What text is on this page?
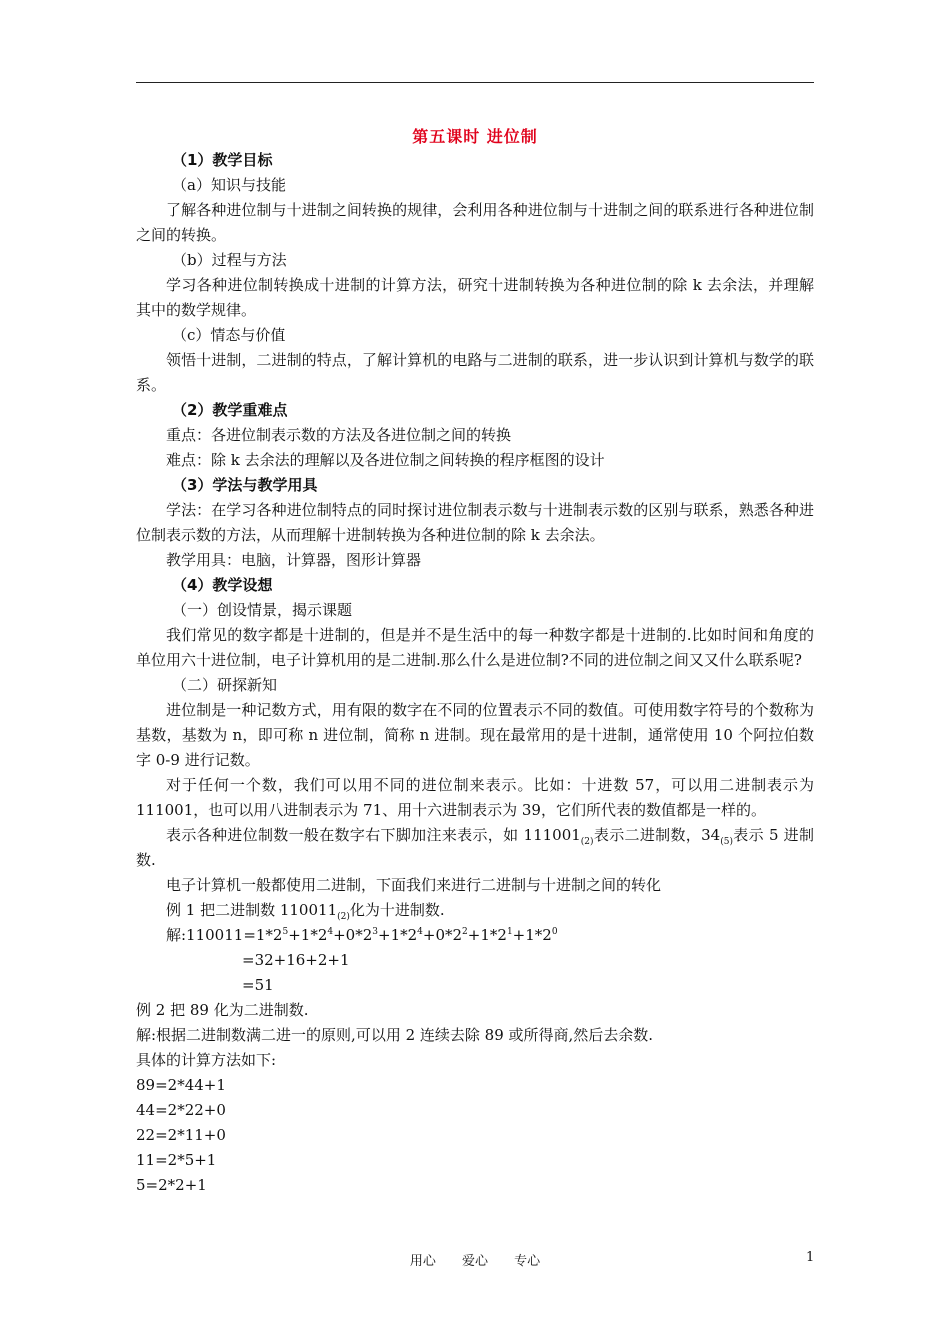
第五课时 进位制

（1）教学目标

（a）知识与技能

了解各种进位制与十进制之间转换的规律，会利用各种进位制与十进制之间的联系进行各种进位制之间的转换。

（b）过程与方法

学习各种进位制转换成十进制的计算方法，研究十进制转换为各种进位制的除 k 去余法，并理解其中的数学规律。

（c）情态与价值

领悟十进制，二进制的特点，了解计算机的电路与二进制的联系，进一步认识到计算机与数学的联系。

（2）教学重难点

重点：各进位制表示数的方法及各进位制之间的转换

难点：除 k 去余法的理解以及各进位制之间转换的程序框图的设计

（3）学法与教学用具

学法：在学习各种进位制特点的同时探讨进位制表示数与十进制表示数的区别与联系，熟悉各种进位制表示数的方法，从而理解十进制转换为各种进位制的除 k 去余法。

教学用具：电脑，计算器，图形计算器

（4）教学设想

（一）创设情景，揭示课题

我们常见的数字都是十进制的，但是并不是生活中的每一种数字都是十进制的.比如时间和角度的单位用六十进位制，电子计算机用的是二进制.那么什么是进位制?不同的进位制之间又又什么联系呢?

（二）研探新知

进位制是一种记数方式，用有限的数字在不同的位置表示不同的数值。可使用数字符号的个数称为基数，基数为 n，即可称 n 进位制，简称 n 进制。现在最常用的是十进制，通常使用 10 个阿拉伯数字 0-9 进行记数。

对于任何一个数，我们可以用不同的进位制来表示。比如：十进数 57，可以用二进制表示为 111001，也可以用八进制表示为 71、用十六进制表示为 39，它们所代表的数值都是一样的。

表示各种进位制数一般在数字右下脚加注来表示，如 $111001_{(2)}$表示二进制数，$34_{(5)}$表示 5 进制数.

电子计算机一般都使用二进制，下面我们来进行二进制与十进制之间的转化

例 1 把二进制数 $110011_{(2)}$化为十进制数.

解$:110011=1*2^5+1*2^4+0*2^3+1*2^4+0*2^2+1*2^1+1*2^0$

=32+16+2+1

=51

例 2 把 89 化为二进制数.

解:根据二进制数满二进一的原则,可以用 2 连续去除 89 或所得商,然后去余数.

具体的计算方法如下:

89=2*44+1

44=2*22+0

22=2*11+0

11=2*5+1

5=2*2+1

用心 爱心 专心	1
